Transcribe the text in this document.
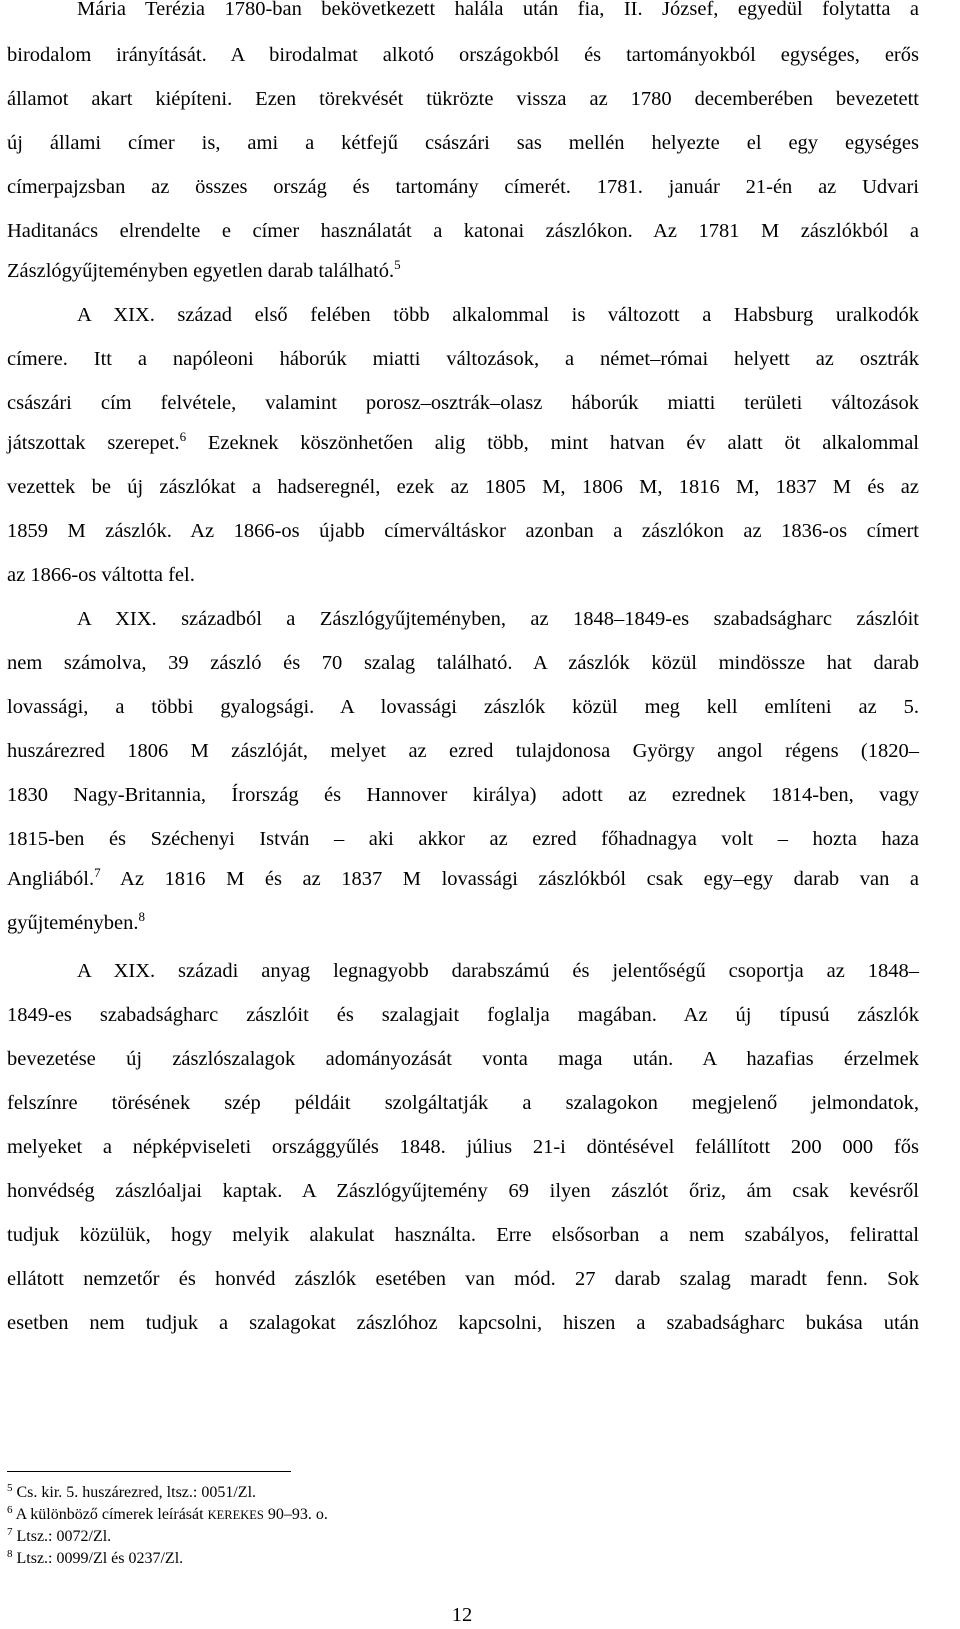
Mária Terézia 1780-ban bekövetkezett halála után fia, II. József, egyedül folytatta a
birodalom irányítását. A birodalmat alkotó országokból és tartományokból egységes, erős
államot akart kiépíteni. Ezen törekvését tükrözte vissza az 1780 decemberében bevezetett
új állami címer is, ami a kétfejű császári sas mellén helyezte el egy egységes
címerpajzsban az összes ország és tartomány címerét. 1781. január 21-én az Udvari
Haditanács elrendelte e címer használatát a katonai zászlókon. Az 1781 M zászlókból a
Zászlógyűjteményben egyetlen darab található.$^5$
A XIX. század első felében több alkalommal is változott a Habsburg uralkodók
címere. Itt a napóleoni háborúk miatti változások, a német–római helyett az osztrák
császári cím felvétele, valamint porosz–osztrák–olasz háborúk miatti területi változások
játszottak szerepet.$^6$ Ezeknek köszönhetően alig több, mint hatvan év alatt öt alkalommal
vezettek be új zászlókat a hadseregnél, ezek az 1805 M, 1806 M, 1816 M, 1837 M és az
1859 M zászlók. Az 1866-os újabb címerváltáskor azonban a zászlókon az 1836-os címert
az 1866-os váltotta fel.
A XIX. századból a Zászlógyűjteményben, az 1848–1849-es szabadságharc zászlóit
nem számolva, 39 zászló és 70 szalag található. A zászlók közül mindössze hat darab
lovassági, a többi gyalogsági. A lovassági zászlók közül meg kell említeni az 5.
huszárezred 1806 M zászlóját, melyet az ezred tulajdonosa György angol régens (1820–
1830 Nagy-Britannia, Írország és Hannover királya) adott az ezrednek 1814-ben, vagy
1815-ben és Széchenyi István – aki akkor az ezred főhadnagya volt – hozta haza
Angliából.$^7$ Az 1816 M és az 1837 M lovassági zászlókból csak egy–egy darab van a
gyűjteményben.$^8$
A XIX. századi anyag legnagyobb darabszámú és jelentőségű csoportja az 1848–
1849-es szabadságharc zászlóit és szalagjait foglalja magában. Az új típusú zászlók
bevezetése új zászlószalagok adományozását vonta maga után. A hazafias érzelmek
felszínre törésének szép példáit szolgáltatják a szalagokon megjelenő jelmondatok,
melyeket a népképviseleti országgyűlés 1848. július 21-i döntésével felállított 200 000 fős
honvédség zászlóaljai kaptak. A Zászlógyűjtemény 69 ilyen zászlót őriz, ám csak kevésről
tudjuk közülük, hogy melyik alakulat használta. Erre elsősorban a nem szabályos, felirattal
ellátott nemzetőr és honvéd zászlók esetében van mód. 27 darab szalag maradt fenn. Sok
esetben nem tudjuk a szalagokat zászlóhoz kapcsolni, hiszen a szabadságharc bukása után
$^5$ Cs. kir. 5. huszárezred, ltsz.: 0051/Zl.
$^6$ A különböző címerek leírását KEREKES 90–93. o.
$^7$ Ltsz.: 0072/Zl.
$^8$ Ltsz.: 0099/Zl és 0237/Zl.
12
